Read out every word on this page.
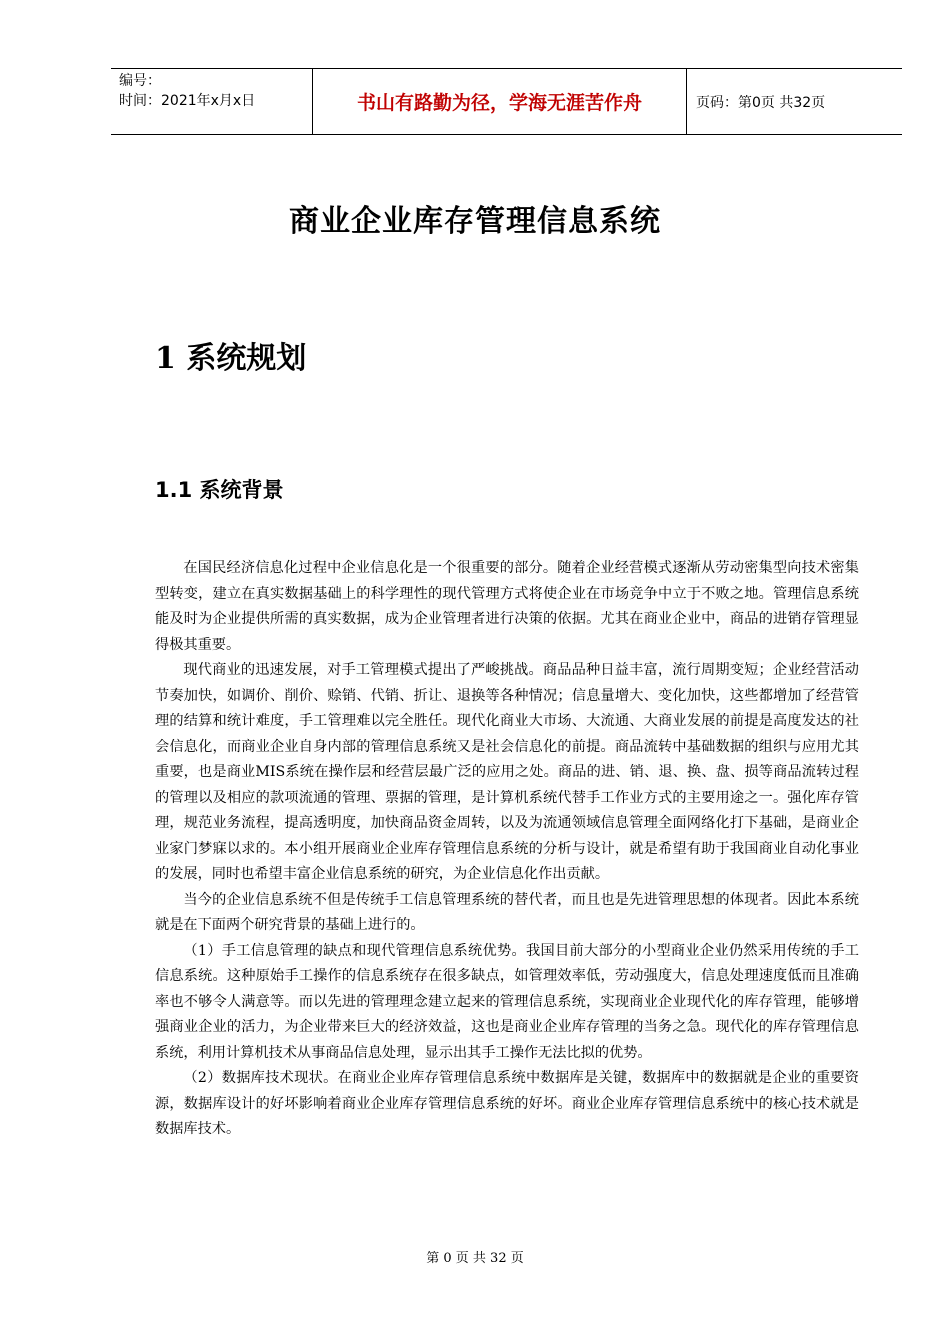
编号：
时间：2021年x月x日	书山有路勤为径，学海无涯苦作舟	页码：第0页 共32页
商业企业库存管理信息系统
1 系统规划
1.1 系统背景

在国民经济信息化过程中企业信息化是一个很重要的部分。随着企业经营模式逐渐从劳动密集型向技术密集型转变，建立在真实数据基础上的科学理性的现代管理方式将使企业在市场竞争中立于不败之地。管理信息系统能及时为企业提供所需的真实数据，成为企业管理者进行决策的依据。尤其在商业企业中，商品的进销存管理显得极其重要。

现代商业的迅速发展，对手工管理模式提出了严峻挑战。商品品种日益丰富，流行周期变短；企业经营活动节奏加快，如调价、削价、赊销、代销、折让、退换等各种情况；信息量增大、变化加快，这些都增加了经营管理的结算和统计难度，手工管理难以完全胜任。现代化商业大市场、大流通、大商业发展的前提是高度发达的社会信息化，而商业企业自身内部的管理信息系统又是社会信息化的前提。商品流转中基础数据的组织与应用尤其重要，也是商业MIS系统在操作层和经营层最广泛的应用之处。商品的进、销、退、换、盘、损等商品流转过程的管理以及相应的款项流通的管理、票据的管理，是计算机系统代替手工作业方式的主要用途之一。强化库存管理，规范业务流程，提高透明度，加快商品资金周转，以及为流通领域信息管理全面网络化打下基础，是商业企业家门梦寐以求的。本小组开展商业企业库存管理信息系统的分析与设计，就是希望有助于我国商业自动化事业的发展，同时也希望丰富企业信息系统的研究，为企业信息化作出贡献。

当今的企业信息系统不但是传统手工信息管理系统的替代者，而且也是先进管理思想的体现者。因此本系统就是在下面两个研究背景的基础上进行的。

（1）手工信息管理的缺点和现代管理信息系统优势。我国目前大部分的小型商业企业仍然采用传统的手工信息系统。这种原始手工操作的信息系统存在很多缺点，如管理效率低，劳动强度大，信息处理速度低而且准确率也不够令人满意等。而以先进的管理理念建立起来的管理信息系统，实现商业企业现代化的库存管理，能够增强商业企业的活力，为企业带来巨大的经济效益，这也是商业企业库存管理的当务之急。现代化的库存管理信息系统，利用计算机技术从事商品信息处理，显示出其手工操作无法比拟的优势。

（2）数据库技术现状。在商业企业库存管理信息系统中数据库是关键，数据库中的数据就是企业的重要资源，数据库设计的好坏影响着商业企业库存管理信息系统的好坏。商业企业库存管理信息系统中的核心技术就是数据库技术。

第 0 页 共 32 页
